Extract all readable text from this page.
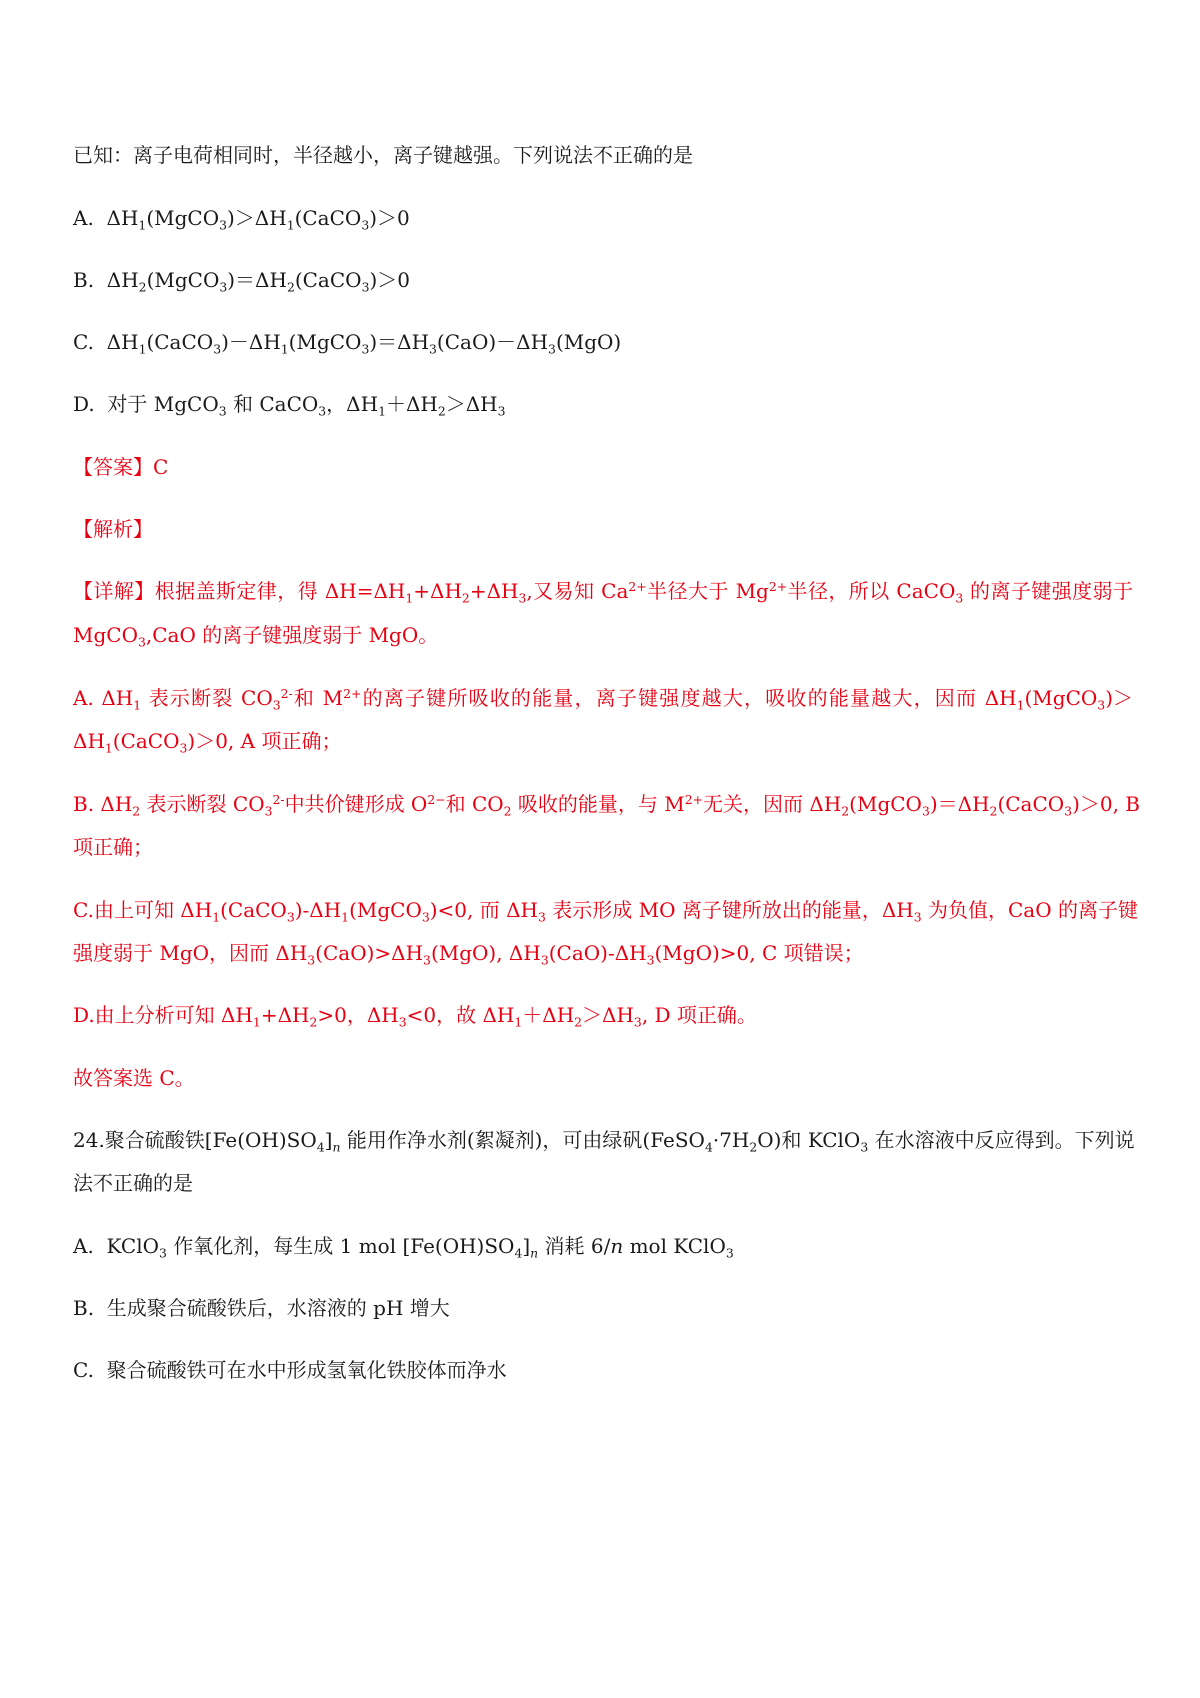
已知：离子电荷相同时，半径越小，离子键越强。下列说法不正确的是
A.  $\Delta H_1(MgCO_3)>\Delta H_1(CaCO_3)>0$
B.  $\Delta H_2(MgCO_3)=\Delta H_2(CaCO_3)>0$
C.  $\Delta H_1(CaCO_3)-\Delta H_1(MgCO_3)=\Delta H_3(CaO)-\Delta H_3(MgO)$
D.  对于 MgCO$_3$ 和 CaCO$_3$，$\Delta H_1+\Delta H_2>\Delta H_3$
【答案】C
【解析】
【详解】根据盖斯定律，得 $\Delta H=\Delta H_1+\Delta H_2+\Delta H_3$,又易知 $Ca^{2+}$半径大于 $Mg^{2+}$半径，所以 CaCO$_3$ 的离子键强度弱于
MgCO$_3$,CaO 的离子键强度弱于 MgO。
A. $\Delta H_1$ 表示断裂 $CO_3^{2-}$和 $M^{2+}$的离子键所吸收的能量，离子键强度越大，吸收的能量越大，因而 $\Delta H_1(MgCO_3)>$
$\Delta H_1(CaCO_3)>0$, A 项正确；
B. $\Delta H_2$ 表示断裂 $CO_3^{2-}$中共价键形成 $O^{2-}$和 $CO_2$ 吸收的能量，与 $M^{2+}$无关，因而 $\Delta H_2(MgCO_3)=\Delta H_2(CaCO_3)>0$, B
项正确；
C.由上可知 $\Delta H_1(CaCO_3)-\Delta H_1(MgCO_3)<0$, 而 $\Delta H_3$ 表示形成 MO 离子键所放出的能量，$\Delta H_3$ 为负值，CaO 的离子键
强度弱于 MgO，因而 $\Delta H_3(CaO)>\Delta H_3(MgO)$, $\Delta H_3(CaO)-\Delta H_3(MgO)>0$, C 项错误；
D.由上分析可知 $\Delta H_1+\Delta H_2>0$，$\Delta H_3<0$，故 $\Delta H_1+\Delta H_2>\Delta H_3$, D 项正确。
故答案选 C。
24.聚合硫酸铁$[Fe(OH)SO_4]_n$ 能用作净水剂(絮凝剂)，可由绿矾$(FeSO_4\cdot 7H_2O)$和 KClO$_3$ 在水溶液中反应得到。下列说
法不正确的是
A.  KClO$_3$ 作氧化剂，每生成 1 mol $[Fe(OH)SO_4]_n$ 消耗 6/n mol KClO$_3$
B. 生成聚合硫酸铁后，水溶液的 pH 增大
C. 聚合硫酸铁可在水中形成氢氧化铁胶体而净水
